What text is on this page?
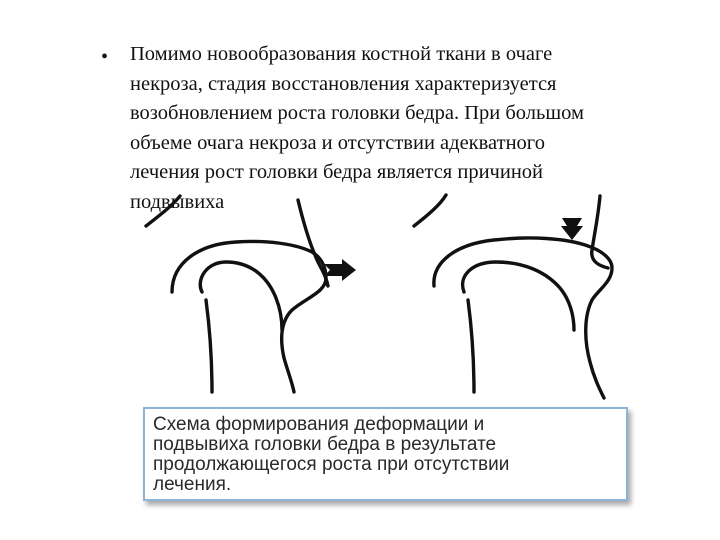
• Помимо новообразования костной ткани в очаге
некроза, стадия восстановления характеризуется
возобновлением роста головки бедра. При большом
объеме очага некроза и отсутствии адекватного
лечения рост головки бедра является причиной
подвывиха
Схема формирования деформации и
подвывиха головки бедра в результате
продолжающегося роста при отсутствии
лечения.
